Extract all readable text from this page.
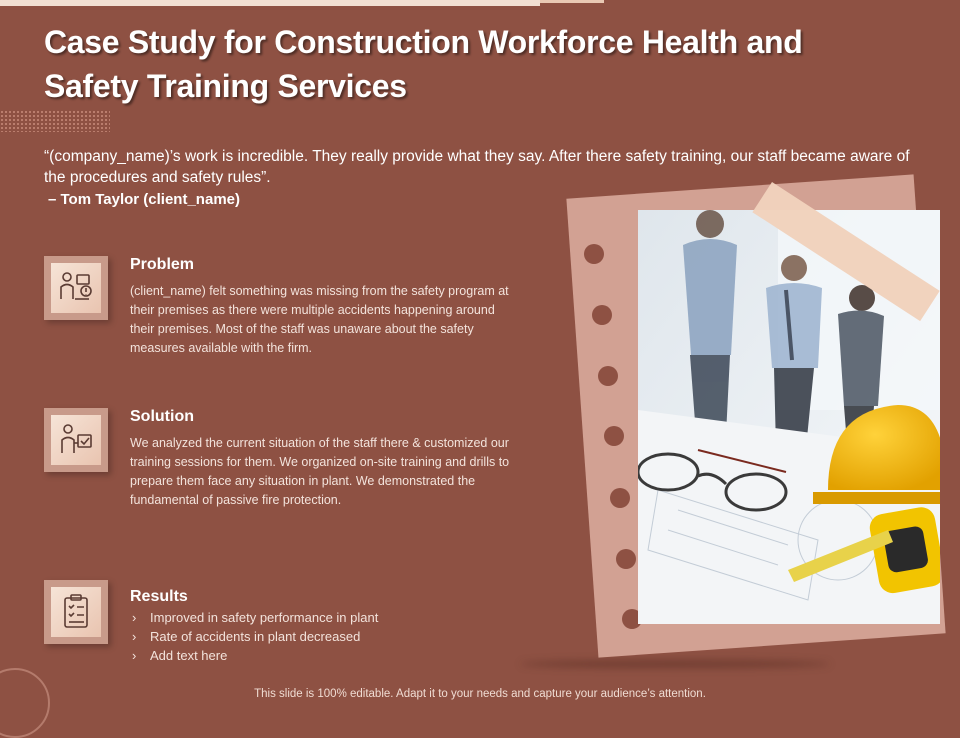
Case Study for Construction Workforce Health and Safety Training Services
“(company_name)’s work is incredible. They really provide what they say. After there safety training, our staff became aware of the procedures and safety rules”.
– Tom Taylor (client_name)
Problem
(client_name) felt something was missing from the safety program at their premises as there were multiple accidents happening around their premises. Most of the staff was unaware about the safety measures available with the firm.
Solution
We analyzed the current situation of the staff there & customized our training sessions for them. We organized on-site training and drills to prepare them face any situation in plant. We demonstrated the fundamental of passive fire protection.
Results
› Improved in safety performance in plant
› Rate of accidents in plant decreased
› Add text here
This slide is 100% editable. Adapt it to your needs and capture your audience’s attention.
